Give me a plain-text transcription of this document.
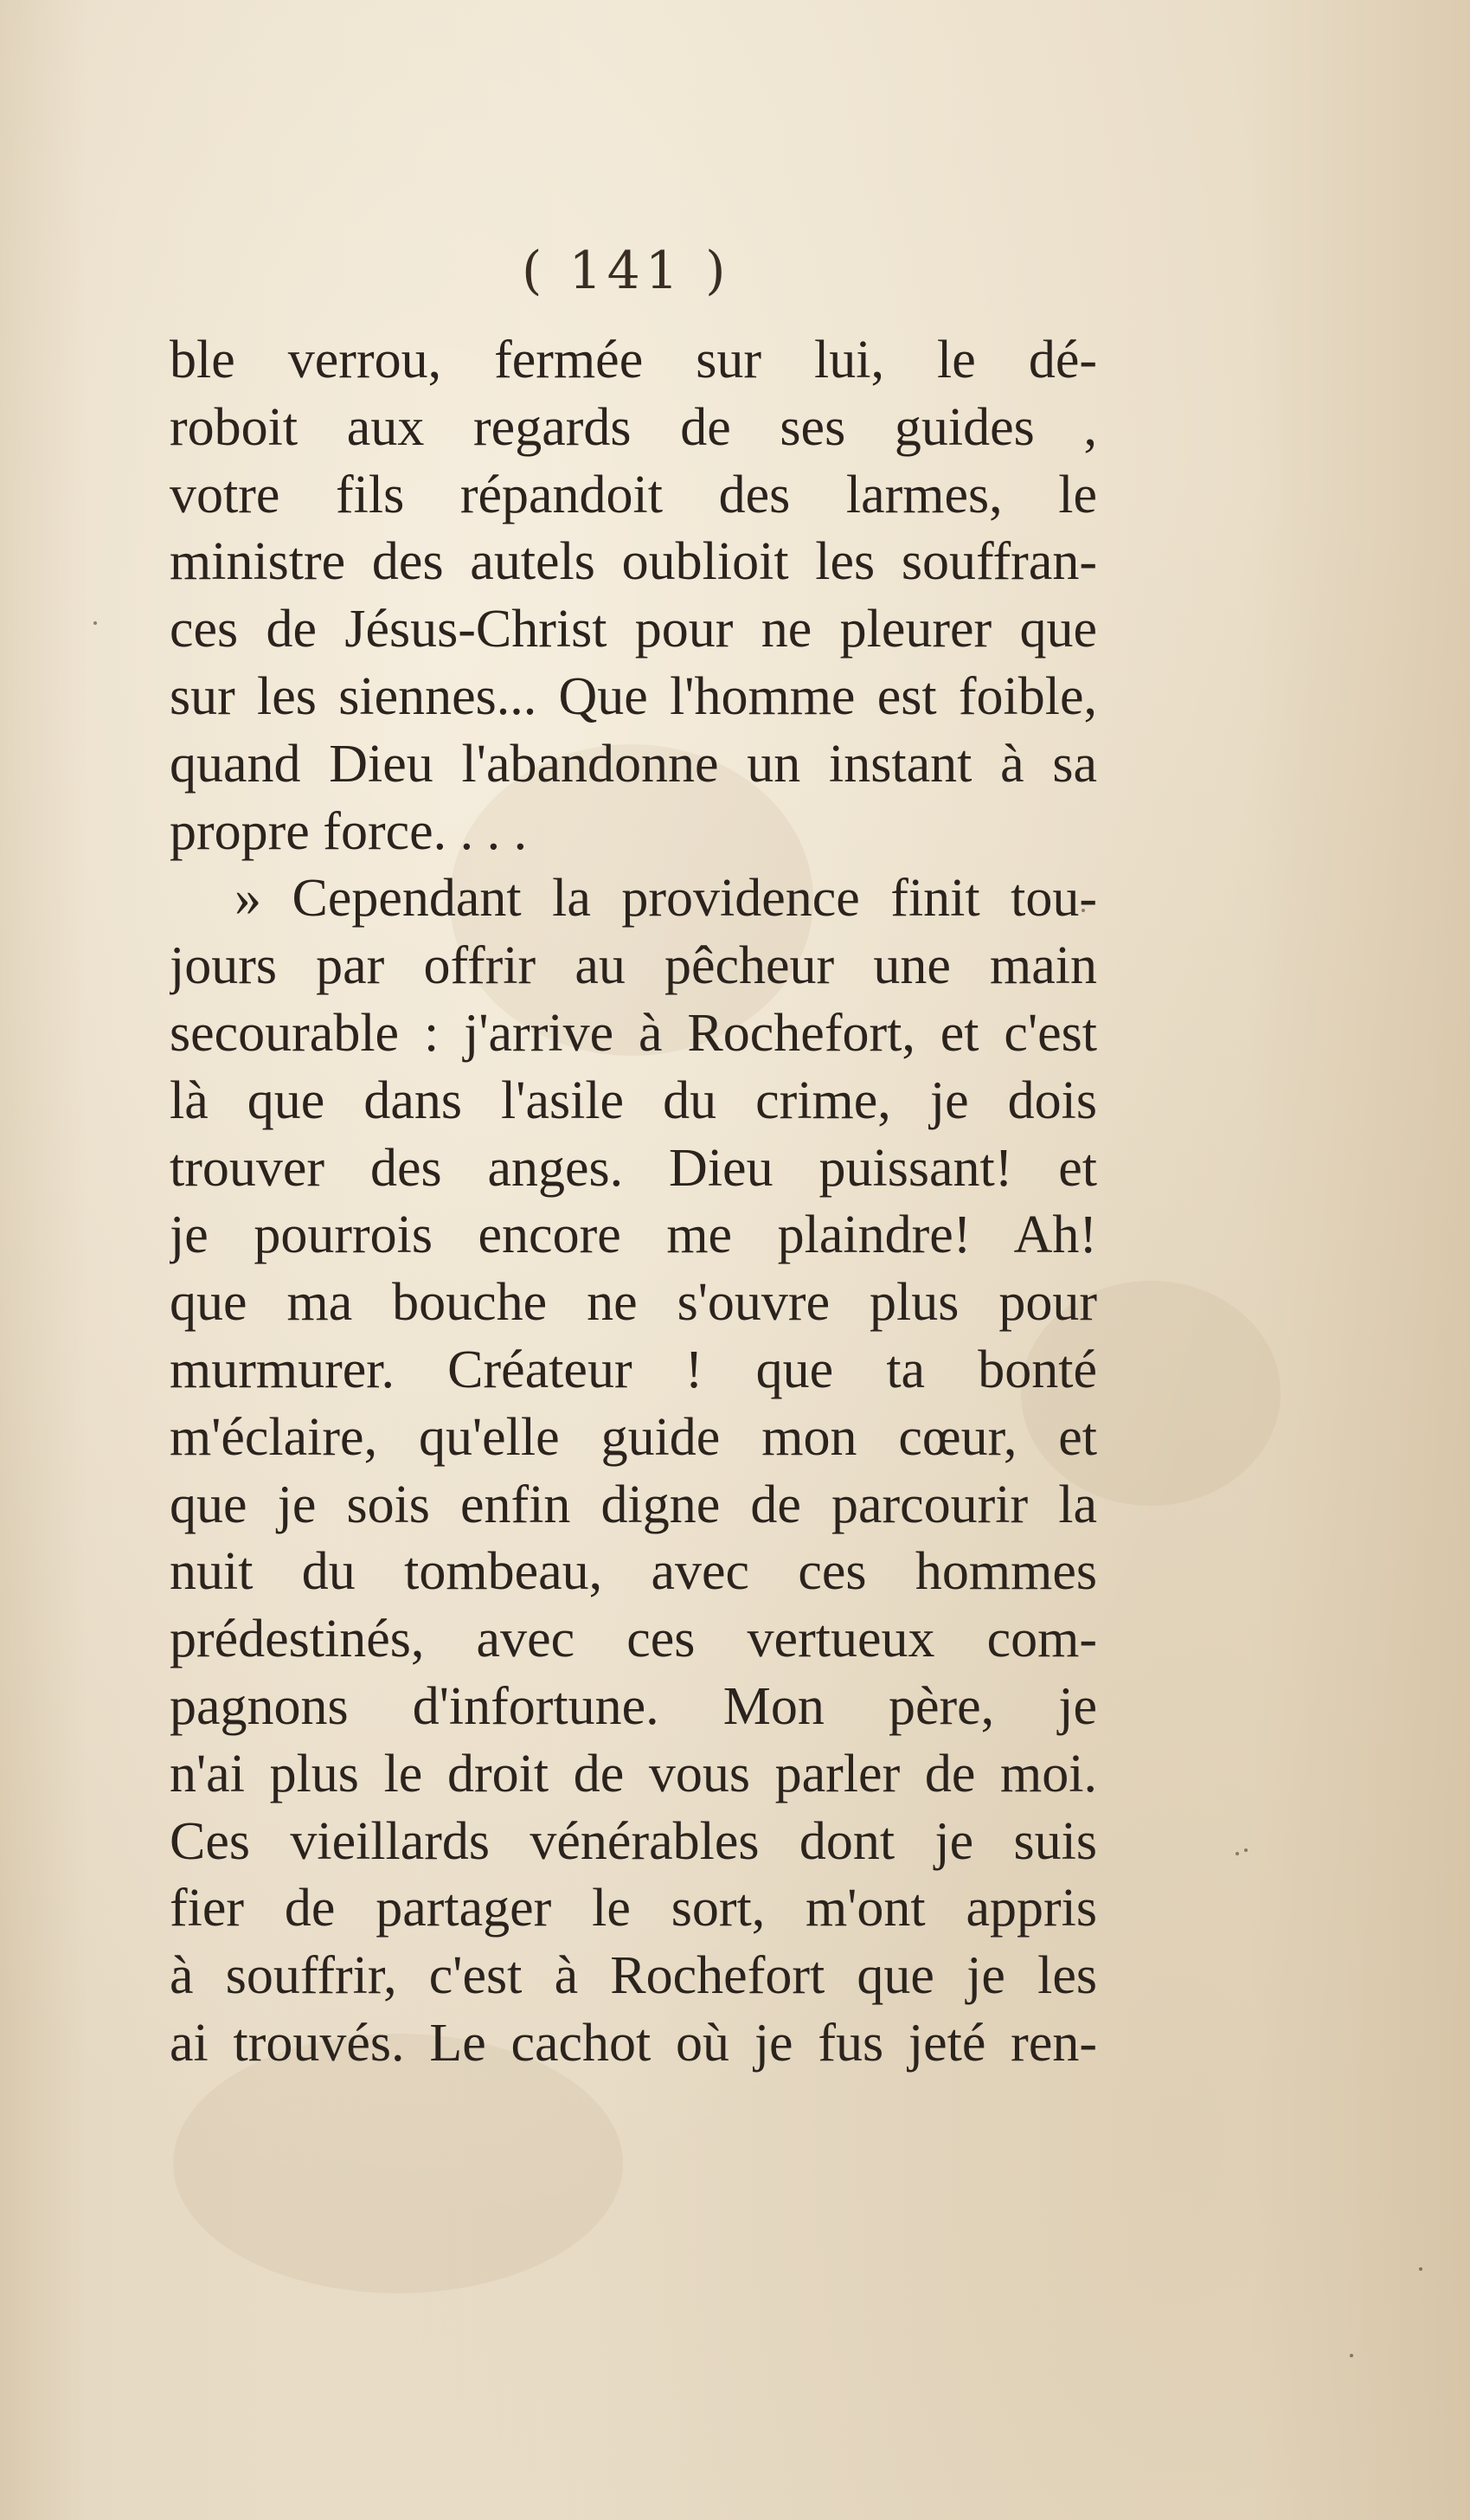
( 141 )
ble verrou, fermée sur lui, le dé-
roboit aux regards de ses guides ,
votre fils répandoit des larmes, le
ministre des autels oublioit les souffran-
ces de Jésus-Christ pour ne pleurer que
sur les siennes... Que l'homme est foible,
quand Dieu l'abandonne un instant à sa
propre force. . . .
» Cependant la providence finit tou-
jours par offrir au pêcheur une main
secourable : j'arrive à Rochefort, et c'est
là que dans l'asile du crime, je dois
trouver des anges. Dieu puissant! et
je pourrois encore me plaindre! Ah!
que ma bouche ne s'ouvre plus pour
murmurer. Créateur ! que ta bonté
m'éclaire, qu'elle guide mon cœur, et
que je sois enfin digne de parcourir la
nuit du tombeau, avec ces hommes
prédestinés, avec ces vertueux com-
pagnons d'infortune. Mon père, je
n'ai plus le droit de vous parler de moi.
Ces vieillards vénérables dont je suis
fier de partager le sort, m'ont appris
à souffrir, c'est à Rochefort que je les
ai trouvés. Le cachot où je fus jeté ren-
